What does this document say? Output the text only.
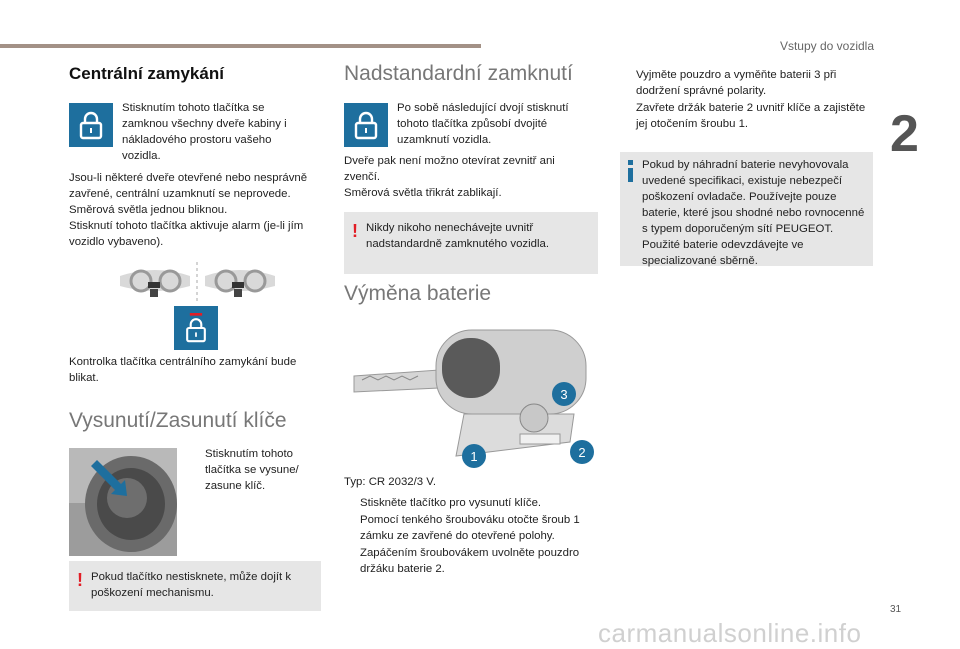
Vstupy do vozidla
2
Centrální zamykání

Stisknutím tohoto tlačítka se zamknou všechny dveře kabiny i nákladového prostoru vašeho vozidla.

Jsou-li některé dveře otevřené nebo nesprávně
zavřené, centrální uzamknutí se neprovede.
Směrová světla jednou bliknou.
Stisknutí tohoto tlačítka aktivuje alarm (je-li jím
vozidlo vybaveno).

Kontrolka tlačítka centrálního zamykání bude blikat.

Vysunutí/Zasunutí klíče
Stisknutím tohoto tlačítka se vysune/ zasune klíč.
! Pokud tlačítko nestisknete, může dojít k poškození mechanismu.
Nadstandardní zamknutí

Po sobě následující dvojí stisknutí tohoto tlačítka způsobí dvojité uzamknutí vozidla.

Dveře pak není možno otevírat zevnitř ani zvenčí.

Směrová světla třikrát zablikají.

! Nikdy nikoho nenechávejte uvnitř nadstandardně zamknutého vozidla.
Výměna baterie
3
1	2

Typ: CR 2032/3 V.

Stiskněte tlačítko pro vysunutí klíče.
Pomocí tenkého šroubováku otočte šroub 1 zámku ze zavřené do otevřené polohy.
Zapáčením šroubovákem uvolněte pouzdro držáku baterie 2.
Vyjměte pouzdro a vyměňte baterii 3 při dodržení správné polarity.
Zavřete držák baterie 2 uvnitř klíče a zajistěte jej otočením šroubu 1.
Pokud by náhradní baterie nevyhovovala uvedené specifikaci, existuje nebezpečí poškození ovladače. Používejte pouze baterie, které jsou shodné nebo rovnocenné s typem doporučeným sítí PEUGEOT. Použité baterie odevzdávejte ve specializované sběrně.
31
carmanualsonline.info
